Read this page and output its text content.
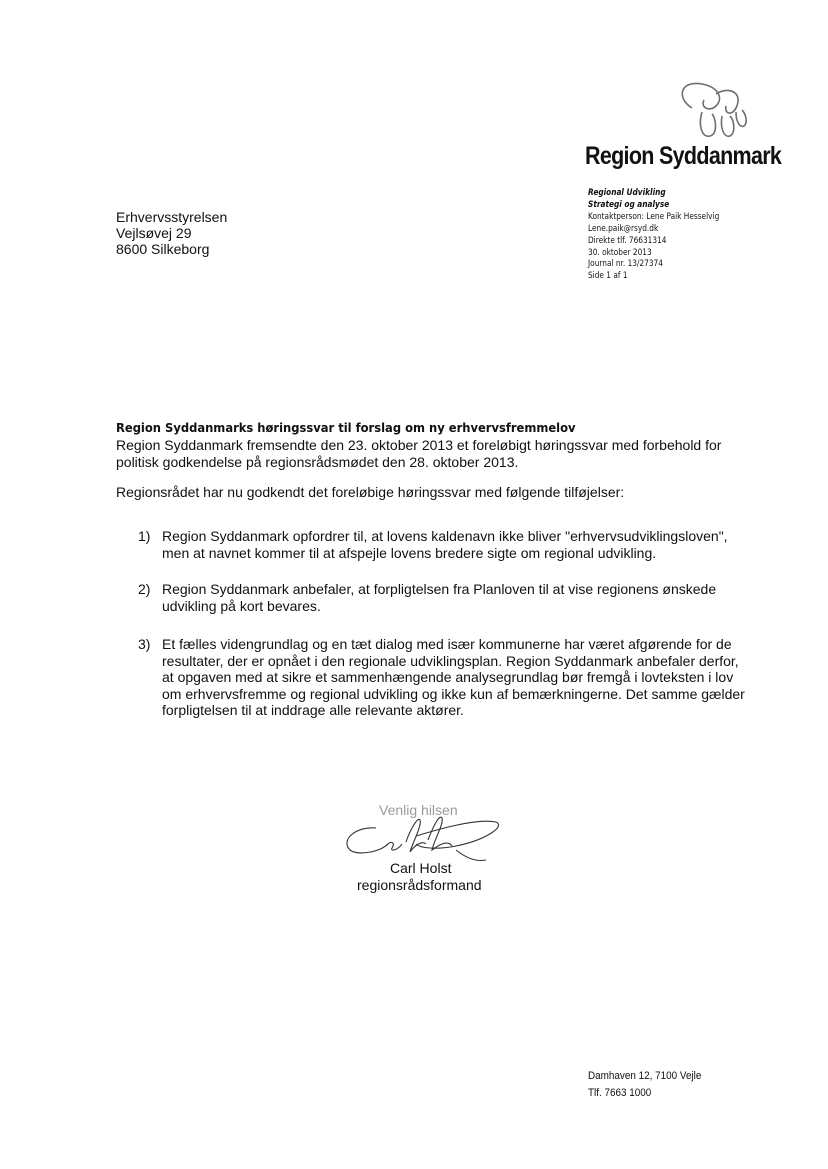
Region Syddanmark
Erhvervsstyrelsen
Vejlsøvej 29
8600 Silkeborg
Regional Udvikling
Strategi og analyse
Kontaktperson: Lene Paik Hesselvig
Lene.paik@rsyd.dk
Direkte tlf. 76631314
30. oktober 2013
Journal nr. 13/27374
Side 1 af 1
Region Syddanmarks høringssvar til forslag om ny erhvervsfremmelov
Region Syddanmark fremsendte den 23. oktober 2013 et foreløbigt høringssvar med forbehold for
politisk godkendelse på regionsrådsmødet den 28. oktober 2013.
Regionsrådet har nu godkendt det foreløbige høringssvar med følgende tilføjelser:
1) Region Syddanmark opfordrer til, at lovens kaldenavn ikke bliver "erhvervsudviklingsloven",
men at navnet kommer til at afspejle lovens bredere sigte om regional udvikling.
2) Region Syddanmark anbefaler, at forpligtelsen fra Planloven til at vise regionens ønskede
udvikling på kort bevares.
3) Et fælles videngrundlag og en tæt dialog med især kommunerne har været afgørende for de
resultater, der er opnået i den regionale udviklingsplan. Region Syddanmark anbefaler derfor,
at opgaven med at sikre et sammenhængende analysegrundlag bør fremgå i lovteksten i lov
om erhvervsfremme og regional udvikling og ikke kun af bemærkningerne. Det samme gælder
forpligtelsen til at inddrage alle relevante aktører.
Venlig hilsen
Carl Holst
regionsrådsformand
Damhaven 12, 7100 Vejle
Tlf. 7663 1000
